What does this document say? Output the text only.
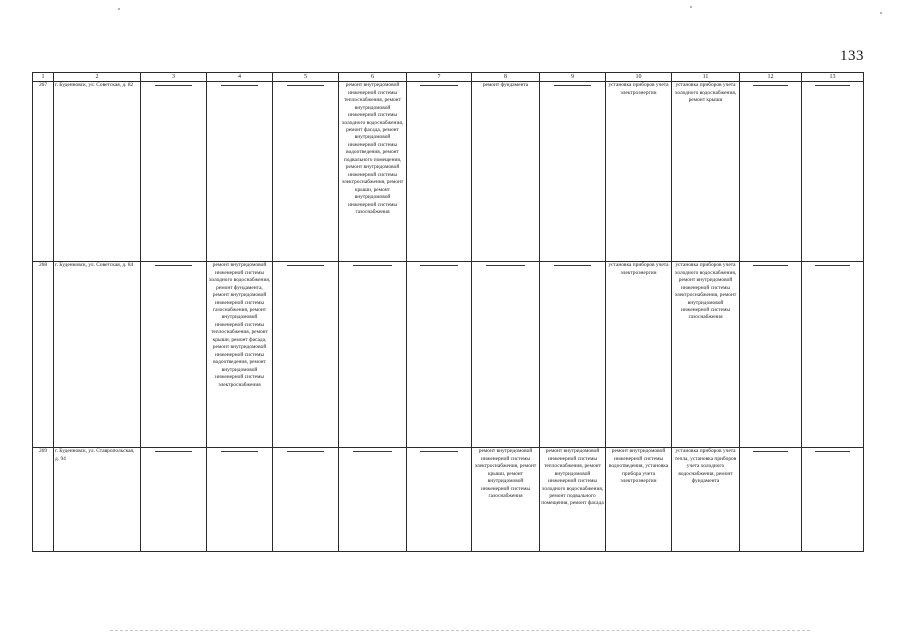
133
1	2	3	4	5	6	7	8	9	10	11	12	13
267	г. Буденновск, ул. Советская, д. 82				ремонт внутридомовой инженерной системы теплоснабжения, ремонт внутридомовой инженерной системы холодного водоснабжения, ремонт фасада, ремонт внутридомовой инженерной системы водоотведения, ремонт подвального помещения, ремонт внутридомовой инженерной системы электроснабжения, ремонт крыши, ремонт внутридомовой инженерной системы газоснабжения		ремонт фундамента		установка приборов учета электроэнергии	установка приборов учета холодного водоснабжения, ремонт крыши		
268	г. Буденновск, ул. Советская, д. 84		ремонт внутридомовой инженерной системы холодного водоснабжения, ремонт фундамента, ремонт внутридомовой инженерной системы газоснабжения, ремонт внутридомовой инженерной системы теплоснабжения, ремонт крыши, ремонт фасада, ремонт внутридомовой инженерной системы водоотведения, ремонт внутридомовой инженерной системы электроснабжения						установка приборов учета электроэнергии	установка приборов учета холодного водоснабжения, ремонт внутридомовой инженерной системы электроснабжения, ремонт внутридомовой инженерной системы газоснабжения		
269	г. Буденновск, ул. Ставропольская, д. 94						ремонт внутридомовой инженерной системы электроснабжения, ремонт крыши, ремонт внутридомовой инженерной системы газоснабжения	ремонт внутридомовой инженерной системы теплоснабжения, ремонт внутридомовой инженерной системы холодного водоснабжения, ремонт подвального помещения, ремонт фасада	ремонт внутридомовой инженерной системы водоотведения, установка прибора учета электроэнергии	установка приборов учета тепла, установка приборов учета холодного водоснабжения, ремонт фундамента		
